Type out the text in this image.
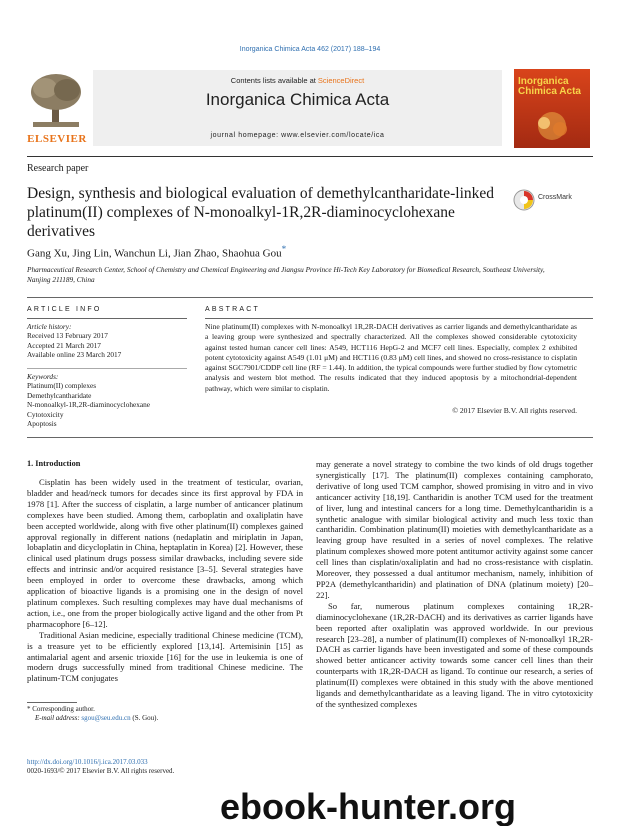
Inorganica Chimica Acta 462 (2017) 188–194
ELSEVIER
Contents lists available at ScienceDirect
Inorganica Chimica Acta
journal homepage: www.elsevier.com/locate/ica
Inorganica Chimica Acta
Research paper
Design, synthesis and biological evaluation of demethylcantharidate-linked platinum(II) complexes of N-monoalkyl-1R,2R-diaminocyclohexane derivatives
CrossMark
Gang Xu, Jing Lin, Wanchun Li, Jian Zhao, Shaohua Gou*
Pharmaceutical Research Center, School of Chemistry and Chemical Engineering and Jiangsu Province Hi-Tech Key Laboratory for Biomedical Research, Southeast University, Nanjing 211189, China
ARTICLE INFO	ABSTRACT
Article history:
Received 13 February 2017
Accepted 21 March 2017
Available online 23 March 2017
Keywords:
Platinum(II) complexes
Demethylcantharidate
N-monoalkyl-1R,2R-diaminocyclohexane
Cytotoxicity
Apoptosis
Nine platinum(II) complexes with N-monoalkyl 1R,2R-DACH derivatives as carrier ligands and demethylcantharidate as a leaving group were synthesized and spectrally characterized. All the complexes showed considerable cytotoxicity against tested human cancer cell lines: A549, HCT116 HepG-2 and MCF7 cell lines. Especially, complex 2 exhibited potent cytotoxicity against A549 (1.01 μM) and HCT116 (0.83 μM) cell lines, and showed no cross-resistance to cisplatin against SGC7901/CDDP cell line (RF = 1.44). In addition, the typical compounds were further studied by flow cytometric analysis and western blot method. The results indicated that they induced apoptosis by a mitochondrial-dependent pathway, which were similar to cisplatin.
© 2017 Elsevier B.V. All rights reserved.
1. Introduction

Cisplatin has been widely used in the treatment of testicular, ovarian, bladder and head/neck tumors for decades since its first approval by FDA in 1978 [1]. After the success of cisplatin, a large number of anticancer platinum complexes have been studied. Among them, carboplatin and oxaliplatin have been accepted worldwide, along with five other platinum(II) complexes gained approval regionally in different nations (nedaplatin and miriplatin in Japan, lobaplatin and dicycloplatin in China, heptaplatin in Korea) [2]. However, these clinical used platinum drugs possess similar drawbacks, including severe side effects and intrinsic and/or acquired resistance [3–5]. Several strategies have been employed in order to overcome these drawbacks, among which application of bioactive ligands is a promising one in the design of novel platinum complexes. Such resulting complexes may have dual mechanisms of action, i.e., one from the proper biologically active ligand and the other from Pt pharmacophore [6–12].

Traditional Asian medicine, especially traditional Chinese medicine (TCM), is a treasure yet to be efficiently explored [13,14]. Artemisinin [15] as antimalarial agent and arsenic trioxide [16] for the use in leukemia is one of modern drugs successfully mined from traditional Chinese medicine. The platinum-TCM conjugates

may generate a novel strategy to combine the two kinds of old drugs together synergistically [17]. The platinum(II) complexes containing camphorato, derivative of long used TCM camphor, showed promising in vitro and in vivo anticancer activity [18,19]. Cantharidin is another TCM used for the treatment of liver, lung and intestinal cancers for a long time. Demethylcantharidin is a synthetic analogue with similar biological activity and much less toxic than cantharidin. Combination platinum(II) moieties with demethylcantharidate as a leaving group have resulted in a series of novel complexes. The relative platinum complexes showed more potent antitumor activity against some cancer cell lines than cisplatin/oxaliplatin and had no cross-resistance with cisplatin. Moreover, they possessed a dual antitumor mechanism, namely, inhibition of PP2A (demethylcantharidin) and platination of DNA (platinum moiety) [20–22].

So far, numerous platinum complexes containing 1R,2R-diaminocyclohexane (1R,2R-DACH) and its derivatives as carrier ligands have been reported after oxaliplatin was approved worldwide. In our previous research [23–28], a number of platinum(II) complexes of N-monoalkyl 1R,2R-DACH as carrier ligands have been investigated and some of these compounds showed better anticancer activity towards some cancer cell lines than their counterparts with 1R,2R-DACH as ligand. To continue our research, a series of platinum(II) complexes were obtained in this study with the above mentioned ligands and demethylcantharidate as a leaving ligand. The in vitro cytotoxicity of the synthesized complexes

* Corresponding author.
E-mail address: sgou@seu.edu.cn (S. Gou).
http://dx.doi.org/10.1016/j.ica.2017.03.033
0020-1693/© 2017 Elsevier B.V. All rights reserved.
ebook-hunter.org
